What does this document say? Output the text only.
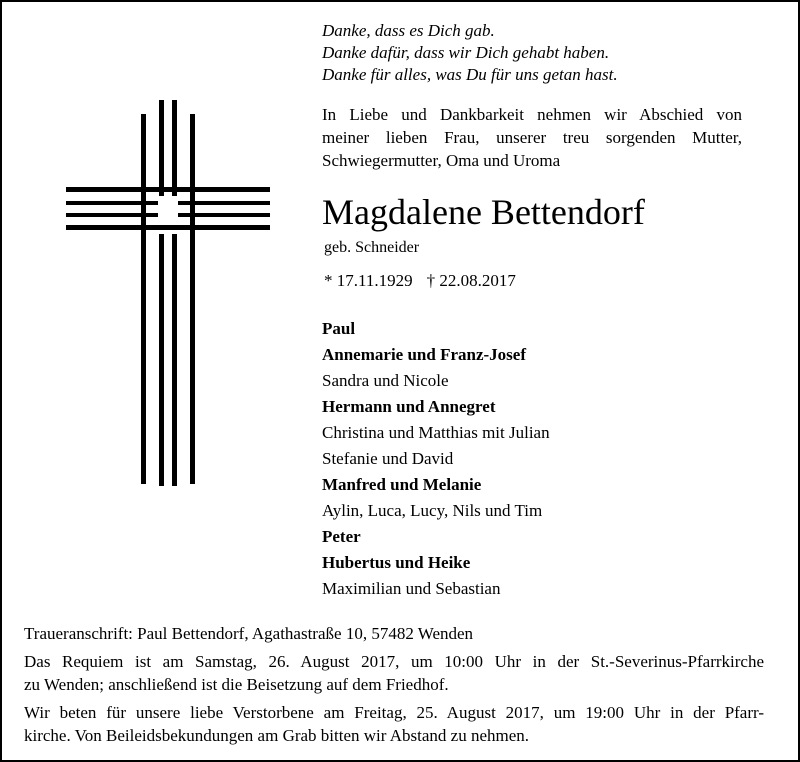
Danke, dass es Dich gab.
Danke dafür, dass wir Dich gehabt haben.
Danke für alles, was Du für uns getan hast.
In Liebe und Dankbarkeit nehmen wir Abschied von
meiner lieben Frau, unserer treu sorgenden Mutter,
Schwiegermutter, Oma und Uroma
Magdalene Bettendorf
geb. Schneider
* 17.11.1929 † 22.08.2017
Paul
Annemarie und Franz-Josef
Sandra und Nicole
Hermann und Annegret
Christina und Matthias mit Julian
Stefanie und David
Manfred und Melanie
Aylin, Luca, Lucy, Nils und Tim
Peter
Hubertus und Heike
Maximilian und Sebastian
Traueranschrift: Paul Bettendorf, Agathastraße 10, 57482 Wenden
Das Requiem ist am Samstag, 26. August 2017, um 10:00 Uhr in der St.-Severinus-Pfarrkirche
zu Wenden; anschließend ist die Beisetzung auf dem Friedhof.
Wir beten für unsere liebe Verstorbene am Freitag, 25. August 2017, um 19:00 Uhr in der Pfarr-
kirche. Von Beileidsbekundungen am Grab bitten wir Abstand zu nehmen.
